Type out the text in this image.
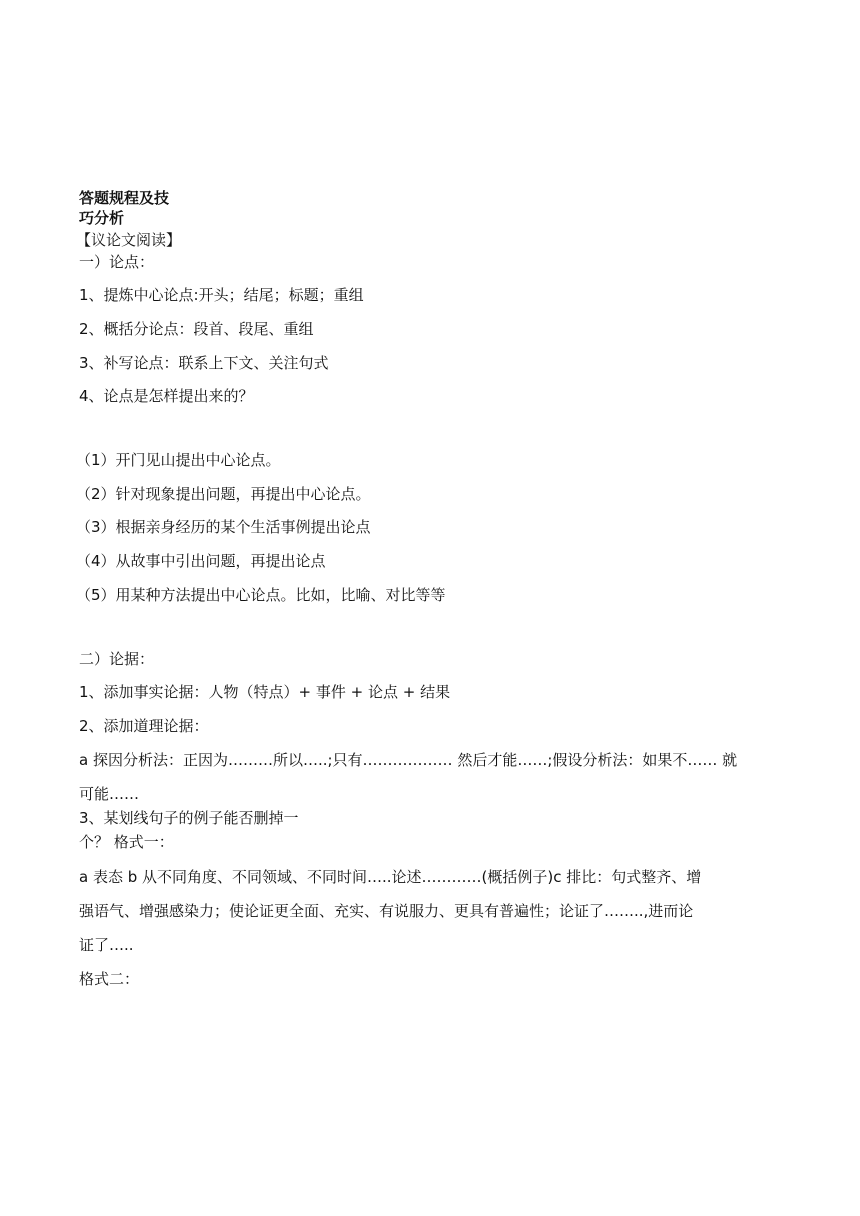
答题规程及技
巧分析
【议论文阅读】
一）论点：
1、提炼中心论点:开头；结尾；标题；重组
2、概括分论点：段首、段尾、重组
3、补写论点：联系上下文、关注句式
4、论点是怎样提出来的？
（1）开门见山提出中心论点。
（2）针对现象提出问题，再提出中心论点。
（3）根据亲身经历的某个生活事例提出论点
（4）从故事中引出问题，再提出论点
（5）用某种方法提出中心论点。比如，比喻、对比等等
二）论据：
1、添加事实论据：人物（特点）+ 事件 + 论点 + 结果
2、添加道理论据：
a 探因分析法：正因为………所以…..;只有……………… 然后才能……;假设分析法：如果不…… 就
可能……
3、某划线句子的例子能否删掉一
个？ 格式一：
a 表态 b 从不同角度、不同领域、不同时间…..论述…………(概括例子)c 排比：句式整齐、增
强语气、增强感染力；使论证更全面、充实、有说服力、更具有普遍性；论证了……..,进而论
证了…..
格式二：
